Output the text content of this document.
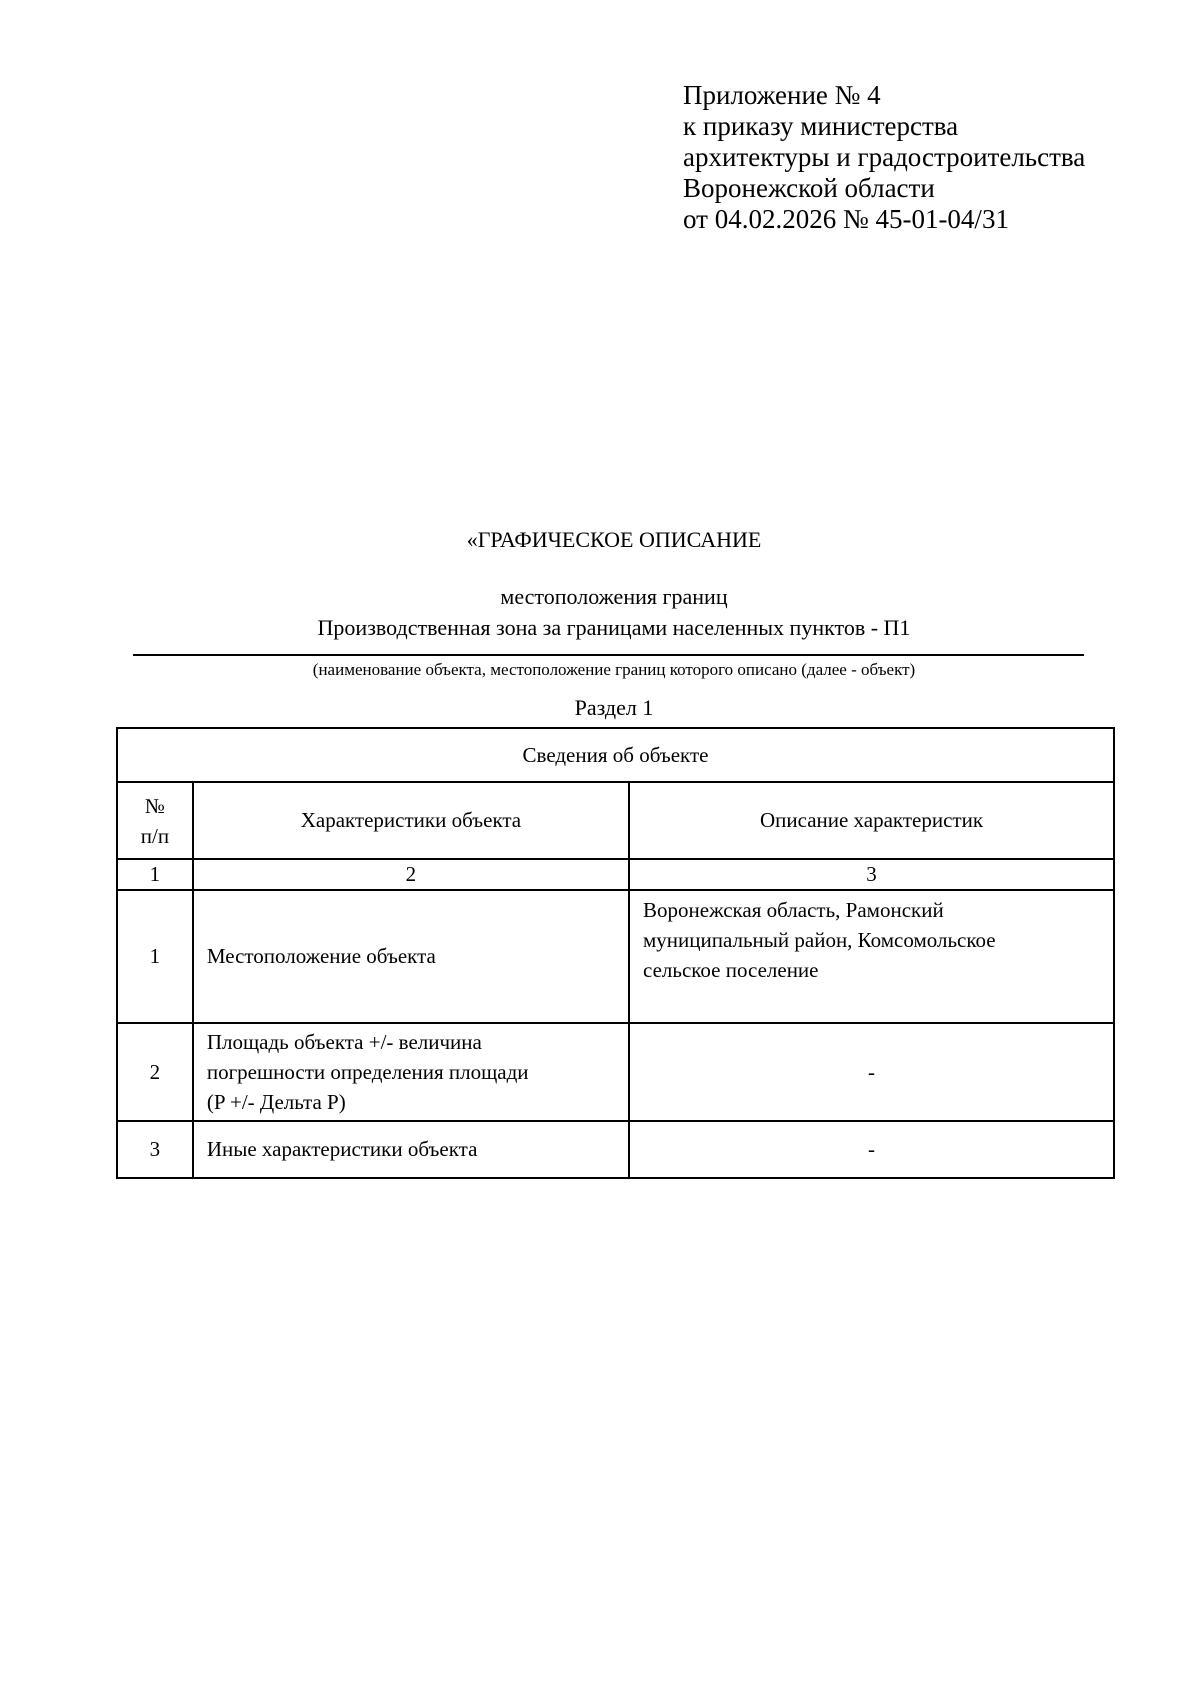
Приложение № 4
к приказу министерства
архитектуры и градостроительства
Воронежской области
от 04.02.2026 № 45-01-04/31
«ГРАФИЧЕСКОЕ ОПИСАНИЕ
местоположения границ
Производственная зона за границами населенных пунктов - П1
(наименование объекта, местоположение границ которого описано (далее - объект)
Раздел 1
Сведения об объекте		

№
п/п	Характеристики объекта	Описание характеристик
1	2	3
1	Местоположение объекта	Воронежская область, Рамонский
муниципальный район, Комсомольское
сельское поселение

2	Площадь объекта +/- величина
погрешности определения площади
(P +/- Дельта P)	-
3	Иные характеристики объекта	-
